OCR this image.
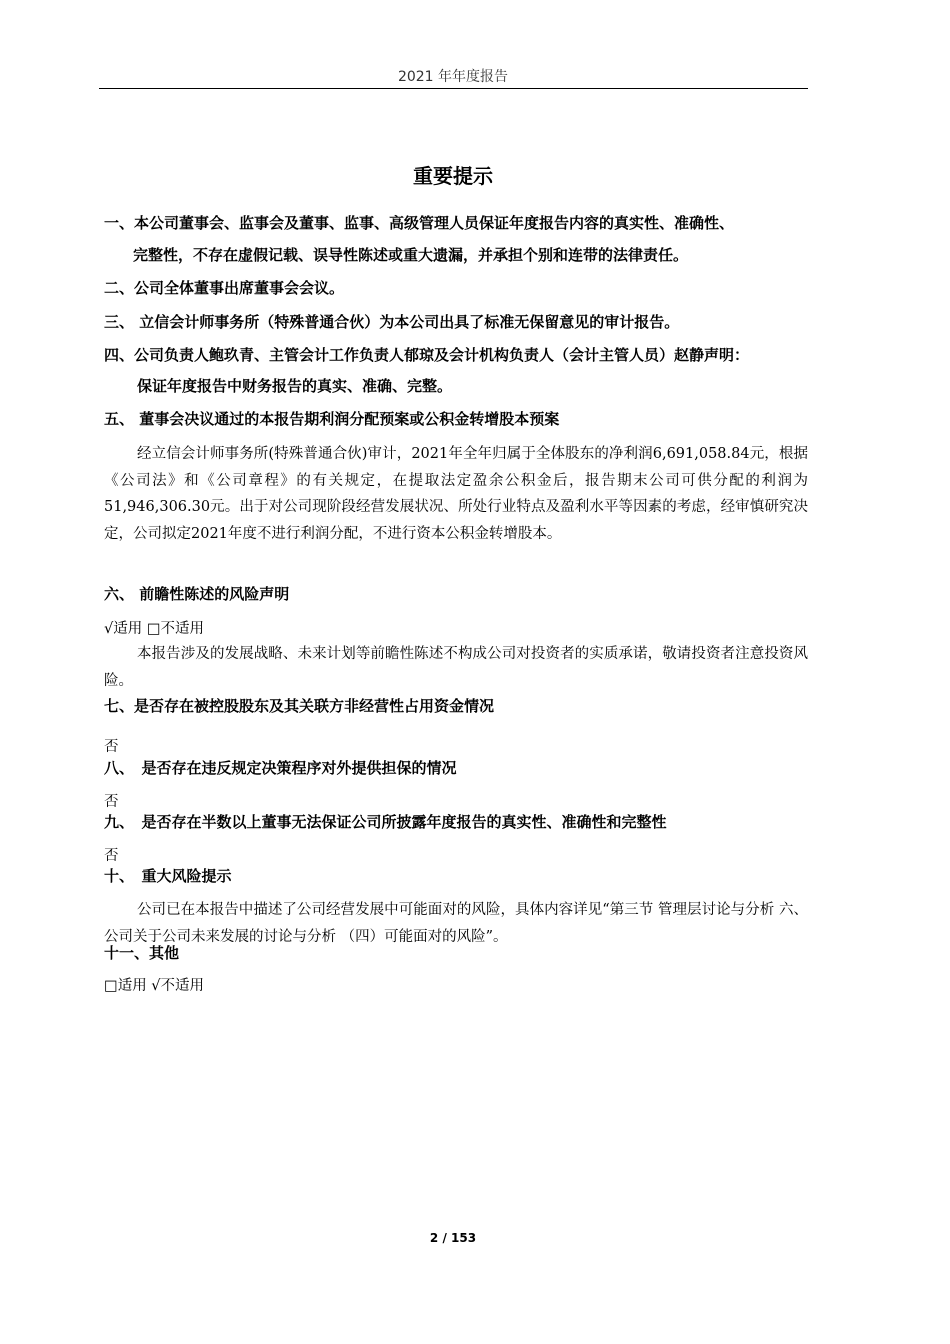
2021 年年度报告
重要提示
一、本公司董事会、监事会及董事、监事、高级管理人员保证年度报告内容的真实性、准确性、
完整性，不存在虚假记载、误导性陈述或重大遗漏，并承担个别和连带的法律责任。
二、公司全体董事出席董事会会议。
三、 立信会计师事务所（特殊普通合伙）为本公司出具了标准无保留意见的审计报告。
四、公司负责人鲍玖青、主管会计工作负责人郁琼及会计机构负责人（会计主管人员）赵静声明：
保证年度报告中财务报告的真实、准确、完整。
五、 董事会决议通过的本报告期利润分配预案或公积金转增股本预案
经立信会计师事务所(特殊普通合伙)审计，2021年全年归属于全体股东的净利润6,691,058.84元，根据《公司法》和《公司章程》的有关规定，在提取法定盈余公积金后，报告期末公司可供分配的利润为51,946,306.30元。出于对公司现阶段经营发展状况、所处行业特点及盈利水平等因素的考虑，经审慎研究决定，公司拟定2021年度不进行利润分配，不进行资本公积金转增股本。
六、 前瞻性陈述的风险声明
√适用 □不适用
本报告涉及的发展战略、未来计划等前瞻性陈述不构成公司对投资者的实质承诺，敬请投资者注意投资风险。
七、是否存在被控股股东及其关联方非经营性占用资金情况
否
八、　是否存在违反规定决策程序对外提供担保的情况
否
九、　是否存在半数以上董事无法保证公司所披露年度报告的真实性、准确性和完整性
否
十、　重大风险提示
公司已在本报告中描述了公司经营发展中可能面对的风险，具体内容详见“第三节 管理层讨论与分析 六、公司关于公司未来发展的讨论与分析 （四）可能面对的风险”。
十一、其他
□适用 √不适用
2 / 153
